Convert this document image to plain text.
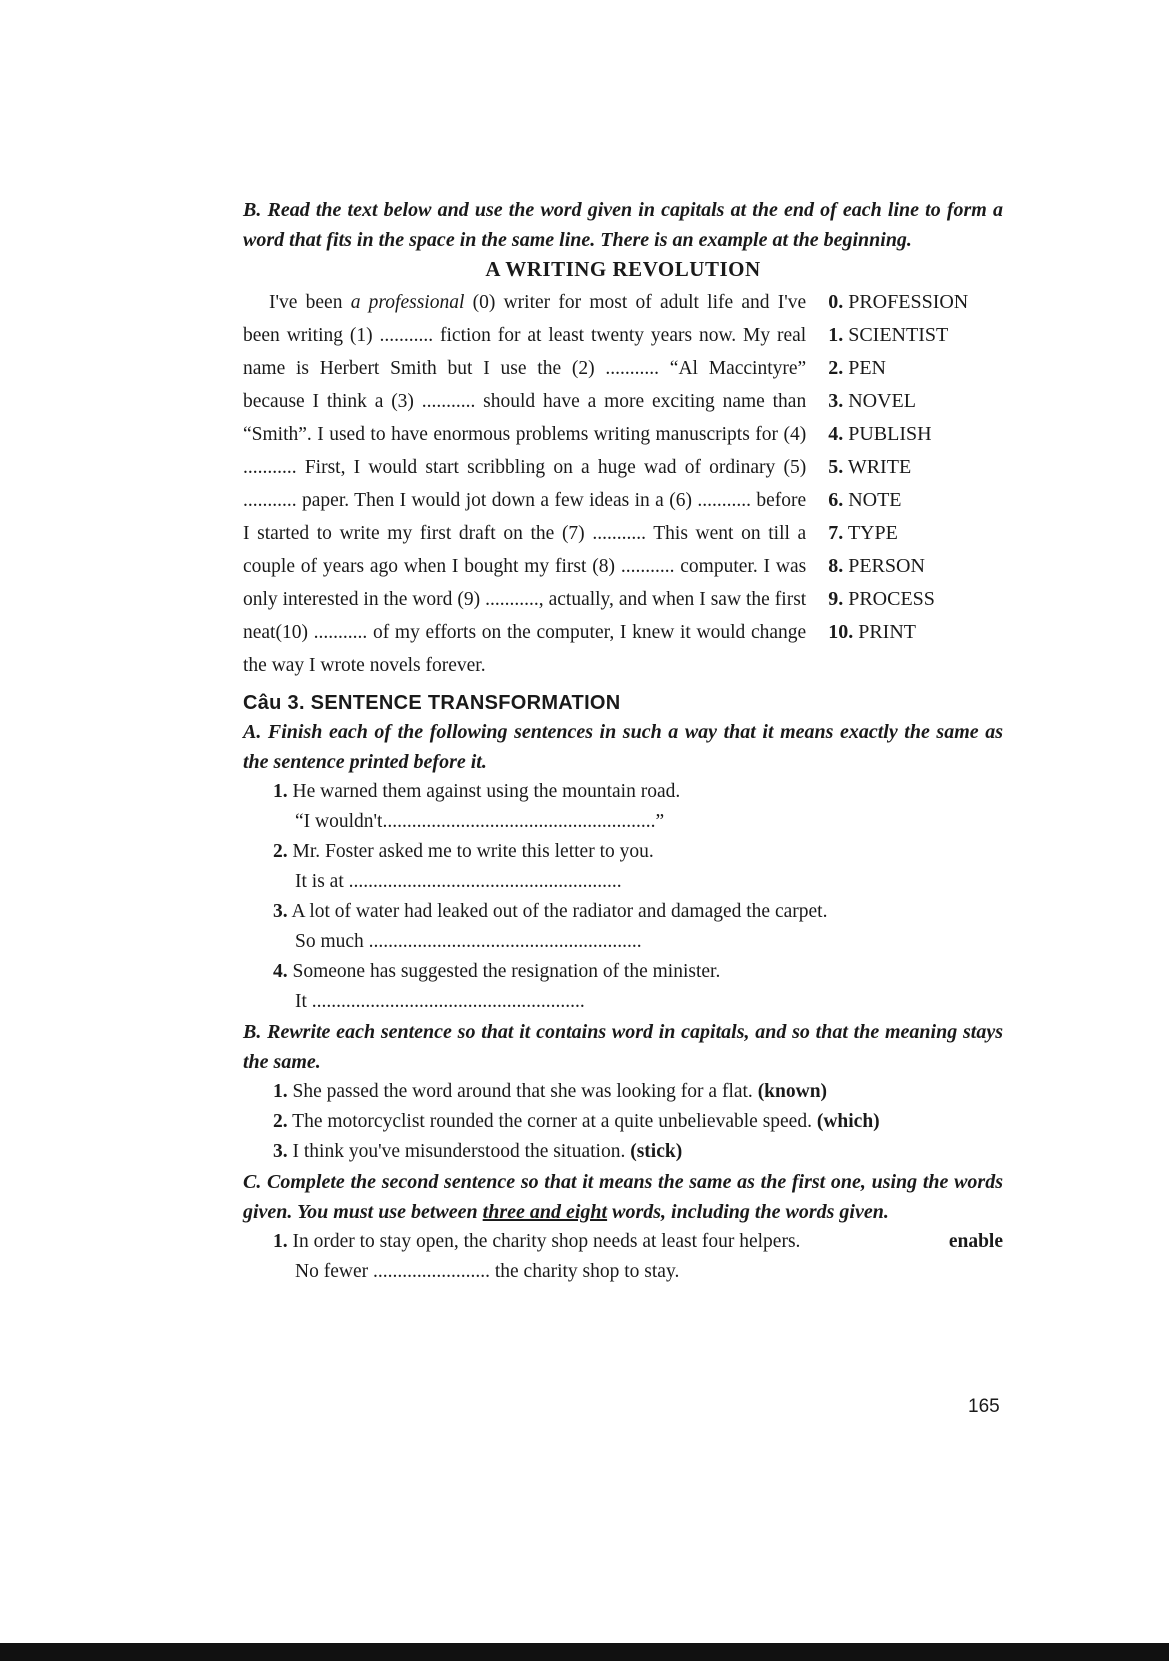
B. Read the text below and use the word given in capitals at the end of each line to form a word that fits in the space in the same line. There is an example at the beginning.

A WRITING REVOLUTION
I've been a professional (0) writer for most of adult life and I've been writing (1) ........... fiction for at least twenty years now. My real name is Herbert Smith but I use the (2) ........... “Al Maccintyre” because I think a (3) ........... should have a more exciting name than “Smith”. I used to have enormous problems writing manuscripts for (4) ........... First, I would start scribbling on a huge wad of ordinary (5) ........... paper. Then I would jot down a few ideas in a (6) ........... before I started to write my first draft on the (7) ........... This went on till a couple of years ago when I bought my first (8) ........... computer. I was only interested in the word (9) ..........., actually, and when I saw the first neat(10) ........... of my efforts on the computer, I knew it would change the way I wrote novels forever.
0. PROFESSION
1. SCIENTIST
2. PEN
3. NOVEL
4. PUBLISH
5. WRITE
6. NOTE
7. TYPE
8. PERSON
9. PROCESS
10. PRINT
Câu 3. SENTENCE TRANSFORMATION

A. Finish each of the following sentences in such a way that it means exactly the same as the sentence printed before it.

1. He warned them against using the mountain road.
“I wouldn't........................................................”
2. Mr. Foster asked me to write this letter to you.
It is at ........................................................
3. A lot of water had leaked out of the radiator and damaged the carpet.
So much ........................................................
4. Someone has suggested the resignation of the minister.
It ........................................................

B. Rewrite each sentence so that it contains word in capitals, and so that the meaning stays the same.

1. She passed the word around that she was looking for a flat. (known)
2. The motorcyclist rounded the corner at a quite unbelievable speed. (which)
3. I think you've misunderstood the situation. (stick)

C. Complete the second sentence so that it means the same as the first one, using the words given. You must use between three and eight words, including the words given.

1. In order to stay open, the charity shop needs at least four helpers.	enable
No fewer ........................ the charity shop to stay.
165
